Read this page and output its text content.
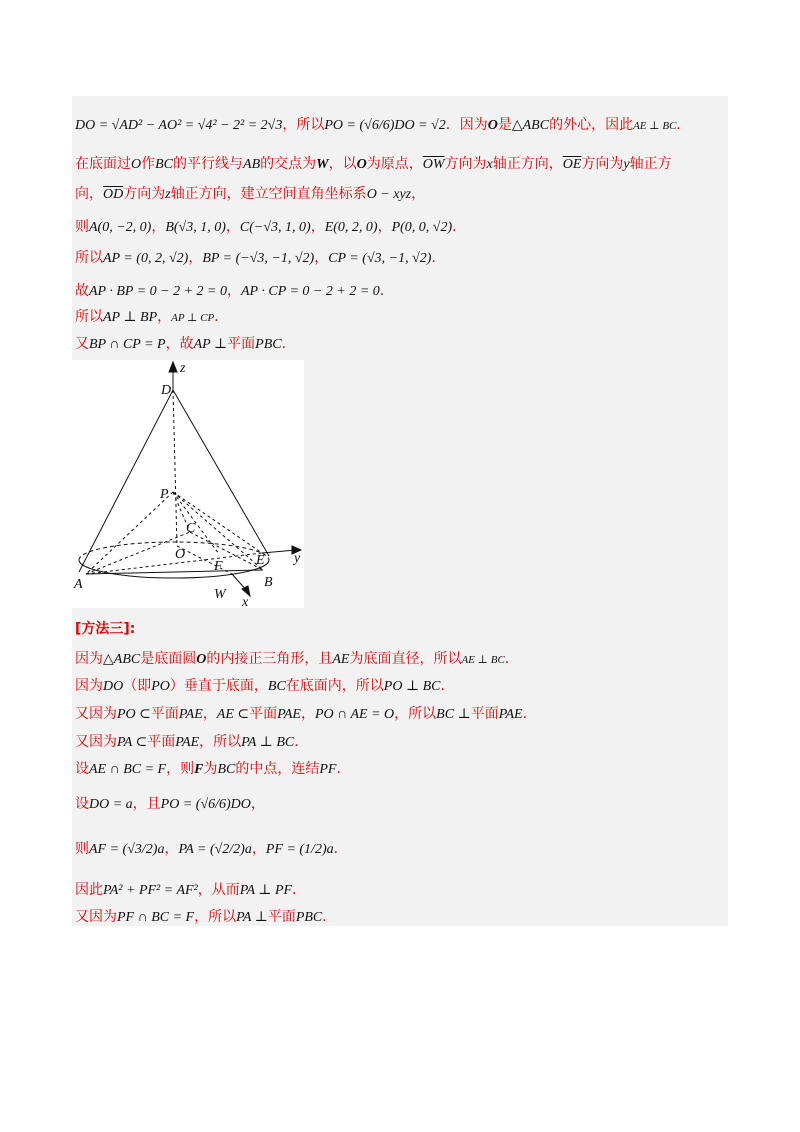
DO = √AD² − AO² = √4² − 2² = 2√3，所以PO = (√6/6)DO = √2．因为O是△ABC的外心，因此AE ⊥ BC．
在底面过O作BC的平行线与AB的交点为W，以O为原点，$\overline{OW}$方向为x轴正方向，$\overline{OE}$方向为y轴正方
向，$\overline{OD}$方向为z轴正方向，建立空间直角坐标系O − xyz，
则A(0, −2, 0)，B(√3, 1, 0)，C(−√3, 1, 0)，E(0, 2, 0)，P(0, 0, √2)．
所以AP = (0, 2, √2)，BP = (−√3, −1, √2)，CP = (√3, −1, √2)．
故AP · BP = 0 − 2 + 2 = 0，AP · CP = 0 − 2 + 2 = 0．
所以AP ⊥ BP，AP ⊥ CP．
又BP ∩ CP = P，故AP ⊥平面PBC．
z
D
P
C
O
F E y
A	B
W
x
[方法三]:
因为△ABC是底面圆O的内接正三角形，且AE为底面直径，所以AE ⊥ BC．
因为DO（即PO）垂直于底面，BC在底面内，所以PO ⊥ BC．
又因为PO ⊂平面PAE，AE ⊂平面PAE，PO ∩ AE = O，所以BC ⊥平面PAE．
又因为PA ⊂平面PAE，所以PA ⊥ BC．
设AE ∩ BC = F，则F为BC的中点，连结PF．
设DO = a，且PO = (√6/6)DO，
则AF = (√3/2)a，PA = (√2/2)a，PF = (1/2)a．
因此PA² + PF² = AF²，从而PA ⊥ PF．
又因为PF ∩ BC = F，所以PA ⊥平面PBC．
